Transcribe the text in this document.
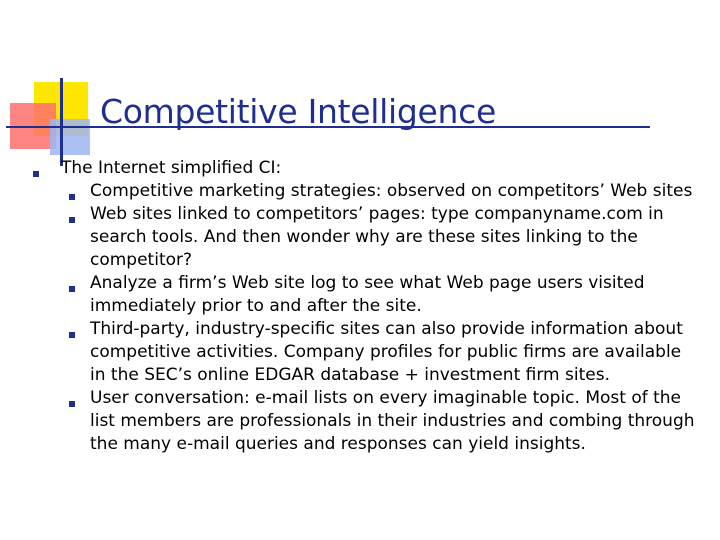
Competitive Intelligence
The Internet simplified CI:
Competitive marketing strategies: observed on competitors’ Web sites
Web sites linked to competitors’ pages: type companyname.com in
search tools. And then wonder why are these sites linking to the
competitor?
Analyze a firm’s Web site log to see what Web page users visited
immediately prior to and after the site.
Third-party, industry-specific sites can also provide information about
competitive activities. Company profiles for public firms are available
in the SEC’s online EDGAR database + investment firm sites.
User conversation: e-mail lists on every imaginable topic. Most of the
list members are professionals in their industries and combing through
the many e-mail queries and responses can yield insights.
